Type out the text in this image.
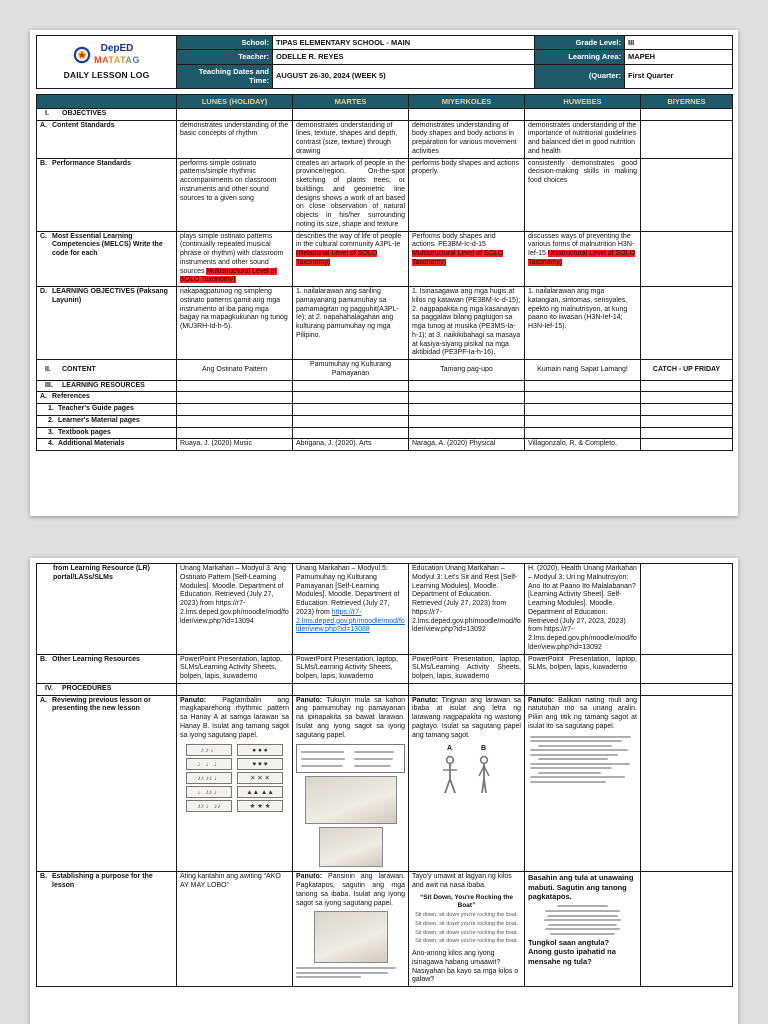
DepED
MATATAG
DAILY LESSON LOG	School:	TIPAS ELEMENTARY SCHOOL - MAIN	Grade Level:	III
	Teacher:	ODELLE R. REYES	Learning Area:	MAPEH
	Teaching Dates and Time:	AUGUST 26-30, 2024 (WEEK 5)	(Quarter:	First Quarter
	LUNES (HOLIDAY)	MARTES	MIYERKOLES	HUWEBES	BIYERNES

I. OBJECTIVES					

A. Content Standards	demonstrates understanding of the basic concepts of rhythm	demonstrates understanding of lines, texture, shapes and depth, contrast (size, texture) through drawing	demonstrates understanding of body shapes and body actions in preparation for various movement activities	demonstrates understanding of the importance of nutritional guidelines and balanced diet in good nutrition and health	

B. Performance Standards	performs simple ostinato patterns/simple rhythmic accompaniments on classroom instruments and other sound sources to a given song	creates an artwork of people in the province/region. On-the-spot sketching of plants trees, or buildings and geometric line designs shows a work of art based on close observation of natural objects in his/her surrounding noting its size, shape and texture	performs body shapes and actions properly.	consistently demonstrates good decision-making skills in making food choices	

C. Most Essential Learning Competencies (MELCS) Write the code for each	plays simple ostinato patterns (continually repeated musical phrase or rhythm) with classroom instruments and other sound sources Multistructural Level of SOLO Taxonomy)	describes the way of life of people in the cultural community A3PL-Ie (Relational Level of SOLO Taxonomy)	Performs body shapes and actions. PE3BM-Ic-d-15 Multistructural Level of SOLO Taxonomy)	discusses ways of preventing the various forms of malnutrition H3N-Ief-15 Unistructural Level of SOLO Taxonomy)	

D. LEARNING OBJECTIVES (Paksang Layunin)	nakapagpatunog ng simpleng ostinato patterns gamit ang mga instrumento at iba pang mga bagay na mapagkukunan ng tunog (MU3RH-Id-h-5).	1. nailalarawan ang sariling pamayanang pamumuhay sa pamamagitan ng pagguhit(A3PL-Ie); at 2. napahahalagahan ang kulturang pamumuhay ng mga Pilipino.	1. Isinasagawa ang mga hugis at kilos ng katawan (PE3BM-Ic-d-15); 2. nagpapakita ng mga kasanayan sa paggalaw bilang pagtugon sa mga tunog at musika (PE3MS-Ia-h-1); at 3. naikikibahagi sa masaya at kasiya-siyang pisikal na mga aktibidad (PE3PF-Ia-h-16).	1. nailalarawan ang mga katangian, sintomas, sensyales, epekto ng malnutrisyon, at kung paano ito iiwasan (H3N-Ief-14; H3N-Ief-15).	

II. CONTENT	Ang Ostinato Pattern	Pamumuhay ng Kulturang Pamayanan	Tamang pag-upo	Kumain nang Sapat Lamang!	CATCH - UP FRIDAY

III. LEARNING RESOURCES					

A. References					

1. Teacher's Guide pages					

2. Learner's Material pages					

3. Textbook pages					

4. Additional Materials	Ruaya, J. (2020) Music	Abrigana, J. (2020). Arts	Naraga, A. (2020) Physical	Villagonzalo, R. & Completo,	
from Learning Resource (LR) portal/LASs/SLMs	Unang Markahan – Modyul 3: Ang Ostinato Pattern [Self-Learning Modules]. Moodle. Department of Education. Retrieved (July 27, 2023) from https://r7-2.lms.deped.gov.ph/moodle/mod/folder/view.php?id=13094	Unang Markahan – Modyul 5: Pamumuhay ng Kulturang Pamayanan [Self-Learning Modules]. Moodle. Department of Education. Retrieved (July 27, 2023) from https://r7-2.lms.deped.gov.ph/moodle/mod/folder/view.php?id=13088	Education Unang Markahan – Modyul 3: Let's Sit and Rest [Self-Learning Modules]. Moodle. Department of Education. Retrieved (July 27, 2023) from https://r7-2.lms.deped.gov.ph/moodle/mod/folder/view.php?id=13092	H. (2020). Health Unang Markahan – Modyul 3: Uri ng Malnutrisyon: Ano Ito at Paano Ito Malalabanan? [Learning Activity Sheet]. Self-Learning Modules]. Moodle. Department of Education. Retrieved (July 27, 2023, 2023) from https://r7-2.lms.deped.gov.ph/moodle/mod/folder/view.php?id=13092	

B. Other Learning Resources	PowerPoint Presentation, laptop, SLMs/Learning Activity Sheets, bolpen, lapis, kuwaderno	PowerPoint Presentation, laptop, SLMs/Learning Activity Sheets, bolpen, lapis, kuwaderno	PowerPoint Presentation, laptop, SLMs/Learning Activity Sheets, bolpen, lapis, kuwaderno	PowerPoint Presentation, laptop, SLMs, bolpen, lapis, kuwaderno	

IV. PROCEDURES					

A. Reviewing previous lesson or presenting the new lesson

Panuto: Pagtambalin ang magkaparehong rhythmic pattern sa Hanay A at samga larawan sa Hanay B. Isulat ang tamang sagot sa iyong sagutang papel.
♪ ♪ ♩	● ● ●
♩ ♩ ♩	♥ ♥ ♥
♪♪ ♪♪ ♩	✕ ✕ ✕
♩ ♪♪ ♩	▲▲ ▲▲
♪♪ ♩ ♪♪	★ ★ ★

Panuto: Tukuyin mula sa kahon ang pamumuhay ng pamayanan na ipinapakita sa bawat larawan. Isulat ang iyong sagot sa iyong sagutang papel.

Panuto: Tingnan ang larawan sa ibaba at isulat ang letra ng larawang nagpapakita ng wastong pagtayo. Isulat sa sagutang papel ang tamang sagot.
A	B

Panuto: Balikan nating muli ang natutuhan mo sa unang aralin. Piliin ang titik ng tamang sagot at isulat ito sa sagutang papel.

B. Establishing a purpose for the lesson
	Ating kantahin ang awiting “AKO AY MAY LOBO”	
Panuto: Pansinin ang larawan. Pagkatapos, sagutin ang mga tanong sa ibaba. Isulat ang iyong sagot sa iyong sagutang papel.

Tayo'y umawit at lagyan ng kilos and awit na nasa ibaba.
“Sit Down, You're Rocking the Boat”
Sit down, sit down you're rocking the boat.
Sit down, sit down you're rocking the boat.
Sit down, sit down you're rocking the boat.
Sit down, sit down you're rocking the boat.
Ano-anong kilos ang iyong isinagawa habang umaawit?
Nasiyahan ba kayo sa mga kilos o galaw?

Basahin ang tula at unawaing mabuti. Sagutin ang tanong pagkatapos.
Tungkol saan angtula?
Anong gusto ipahatid na mensahe ng tula?
